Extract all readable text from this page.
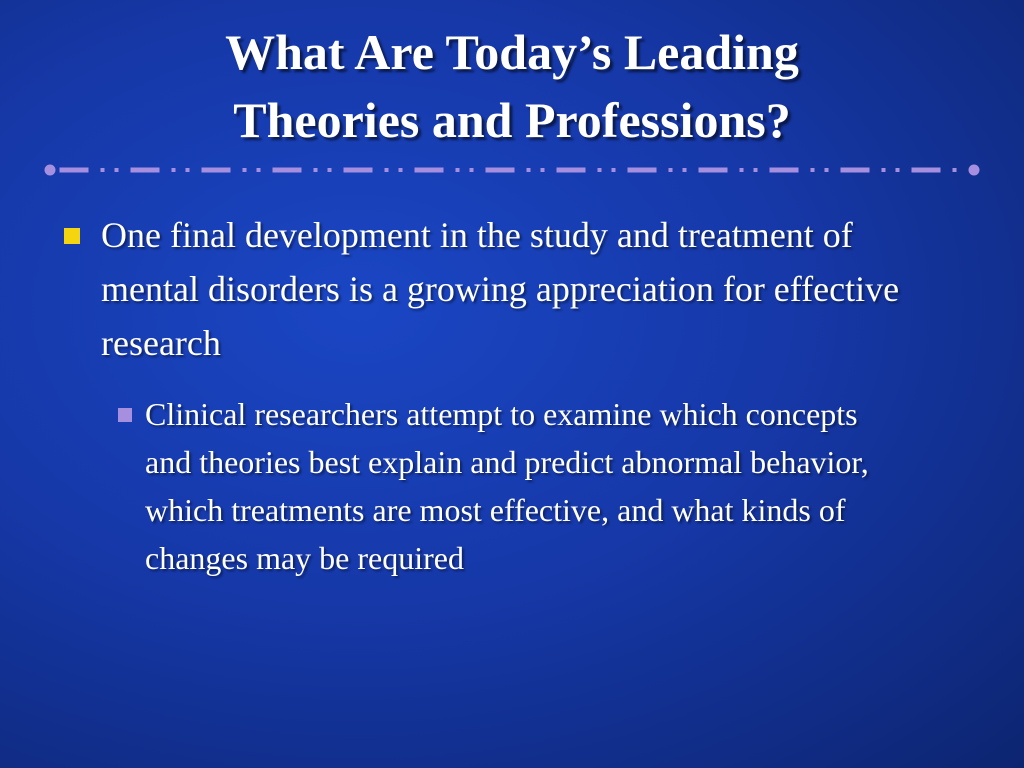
What Are Today’s Leading
Theories and Professions?
One final development in the study and treatment of mental disorders is a growing appreciation for effective research
Clinical researchers attempt to examine which concepts and theories best explain and predict abnormal behavior, which treatments are most effective, and what kinds of changes may be required
